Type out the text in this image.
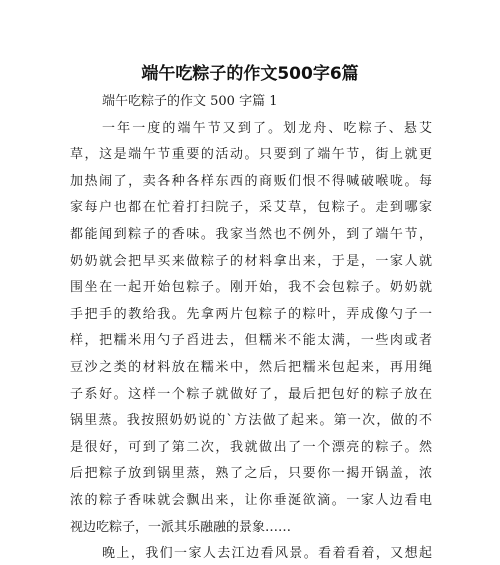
端午吃粽子的作文500字6篇
端午吃粽子的作文 500 字篇 1
一年一度的端午节又到了。划龙舟、吃粽子、悬艾
草，这是端午节重要的活动。只要到了端午节，街上就更
加热闹了，卖各种各样东西的商贩们恨不得喊破喉咙。每
家每户也都在忙着打扫院子，采艾草，包粽子。走到哪家
都能闻到粽子的香味。我家当然也不例外，到了端午节，
奶奶就会把早买来做粽子的材料拿出来，于是，一家人就
围坐在一起开始包粽子。刚开始，我不会包粽子。奶奶就
手把手的教给我。先拿两片包粽子的粽叶，弄成像勺子一
样，把糯米用勺子舀进去，但糯米不能太满，一些肉或者
豆沙之类的材料放在糯米中，然后把糯米包起来，再用绳
子系好。这样一个粽子就做好了，最后把包好的粽子放在
锅里蒸。我按照奶奶说的`方法做了起来。第一次，做的不
是很好，可到了第二次，我就做出了一个漂亮的粽子。然
后把粽子放到锅里蒸，熟了之后，只要你一揭开锅盖，浓
浓的粽子香味就会飘出来，让你垂涎欲滴。一家人边看电
视边吃粽子，一派其乐融融的景象……
晚上，我们一家人去江边看风景。看着看着，又想起
